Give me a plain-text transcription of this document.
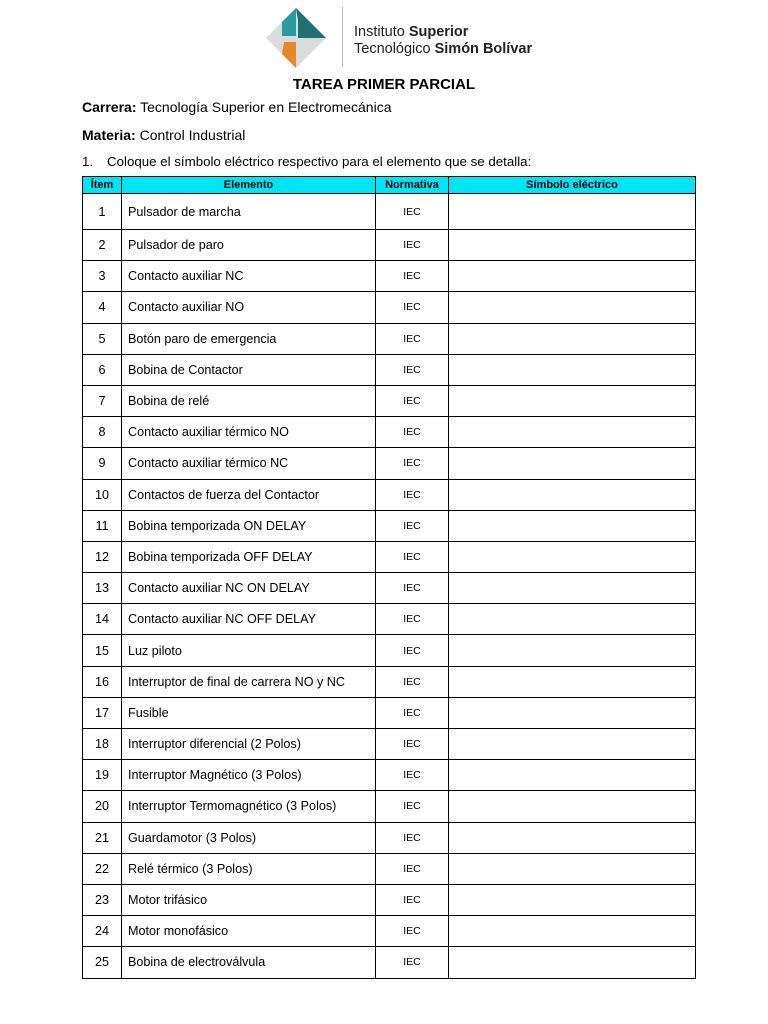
Instituto Superior
Tecnológico Simón Bolívar
TAREA PRIMER PARCIAL
Carrera: Tecnología Superior en Electromecánica
Materia: Control Industrial
1. Coloque el símbolo eléctrico respectivo para el elemento que se detalla:
Ítem	Elemento	Normativa	Símbolo eléctrico
1	Pulsador de marcha	IEC	
2	Pulsador de paro	IEC	
3	Contacto auxiliar NC	IEC	
4	Contacto auxiliar NO	IEC	
5	Botón paro de emergencia	IEC	
6	Bobina de Contactor	IEC	
7	Bobina de relé	IEC	
8	Contacto auxiliar térmico NO	IEC	
9	Contacto auxiliar térmico NC	IEC	
10	Contactos de fuerza del Contactor	IEC	
11	Bobina temporizada ON DELAY	IEC	
12	Bobina temporizada OFF DELAY	IEC	
13	Contacto auxiliar NC ON DELAY	IEC	
14	Contacto auxiliar NC OFF DELAY	IEC	
15	Luz piloto	IEC	
16	Interruptor de final de carrera NO y NC	IEC	
17	Fusible	IEC	
18	Interruptor diferencial (2 Polos)	IEC	
19	Interruptor Magnético (3 Polos)	IEC	
20	Interruptor Termomagnético (3 Polos)	IEC	
21	Guardamotor (3 Polos)	IEC	
22	Relé térmico (3 Polos)	IEC	
23	Motor trifásico	IEC	
24	Motor monofásico	IEC	
25	Bobina de electroválvula	IEC	
